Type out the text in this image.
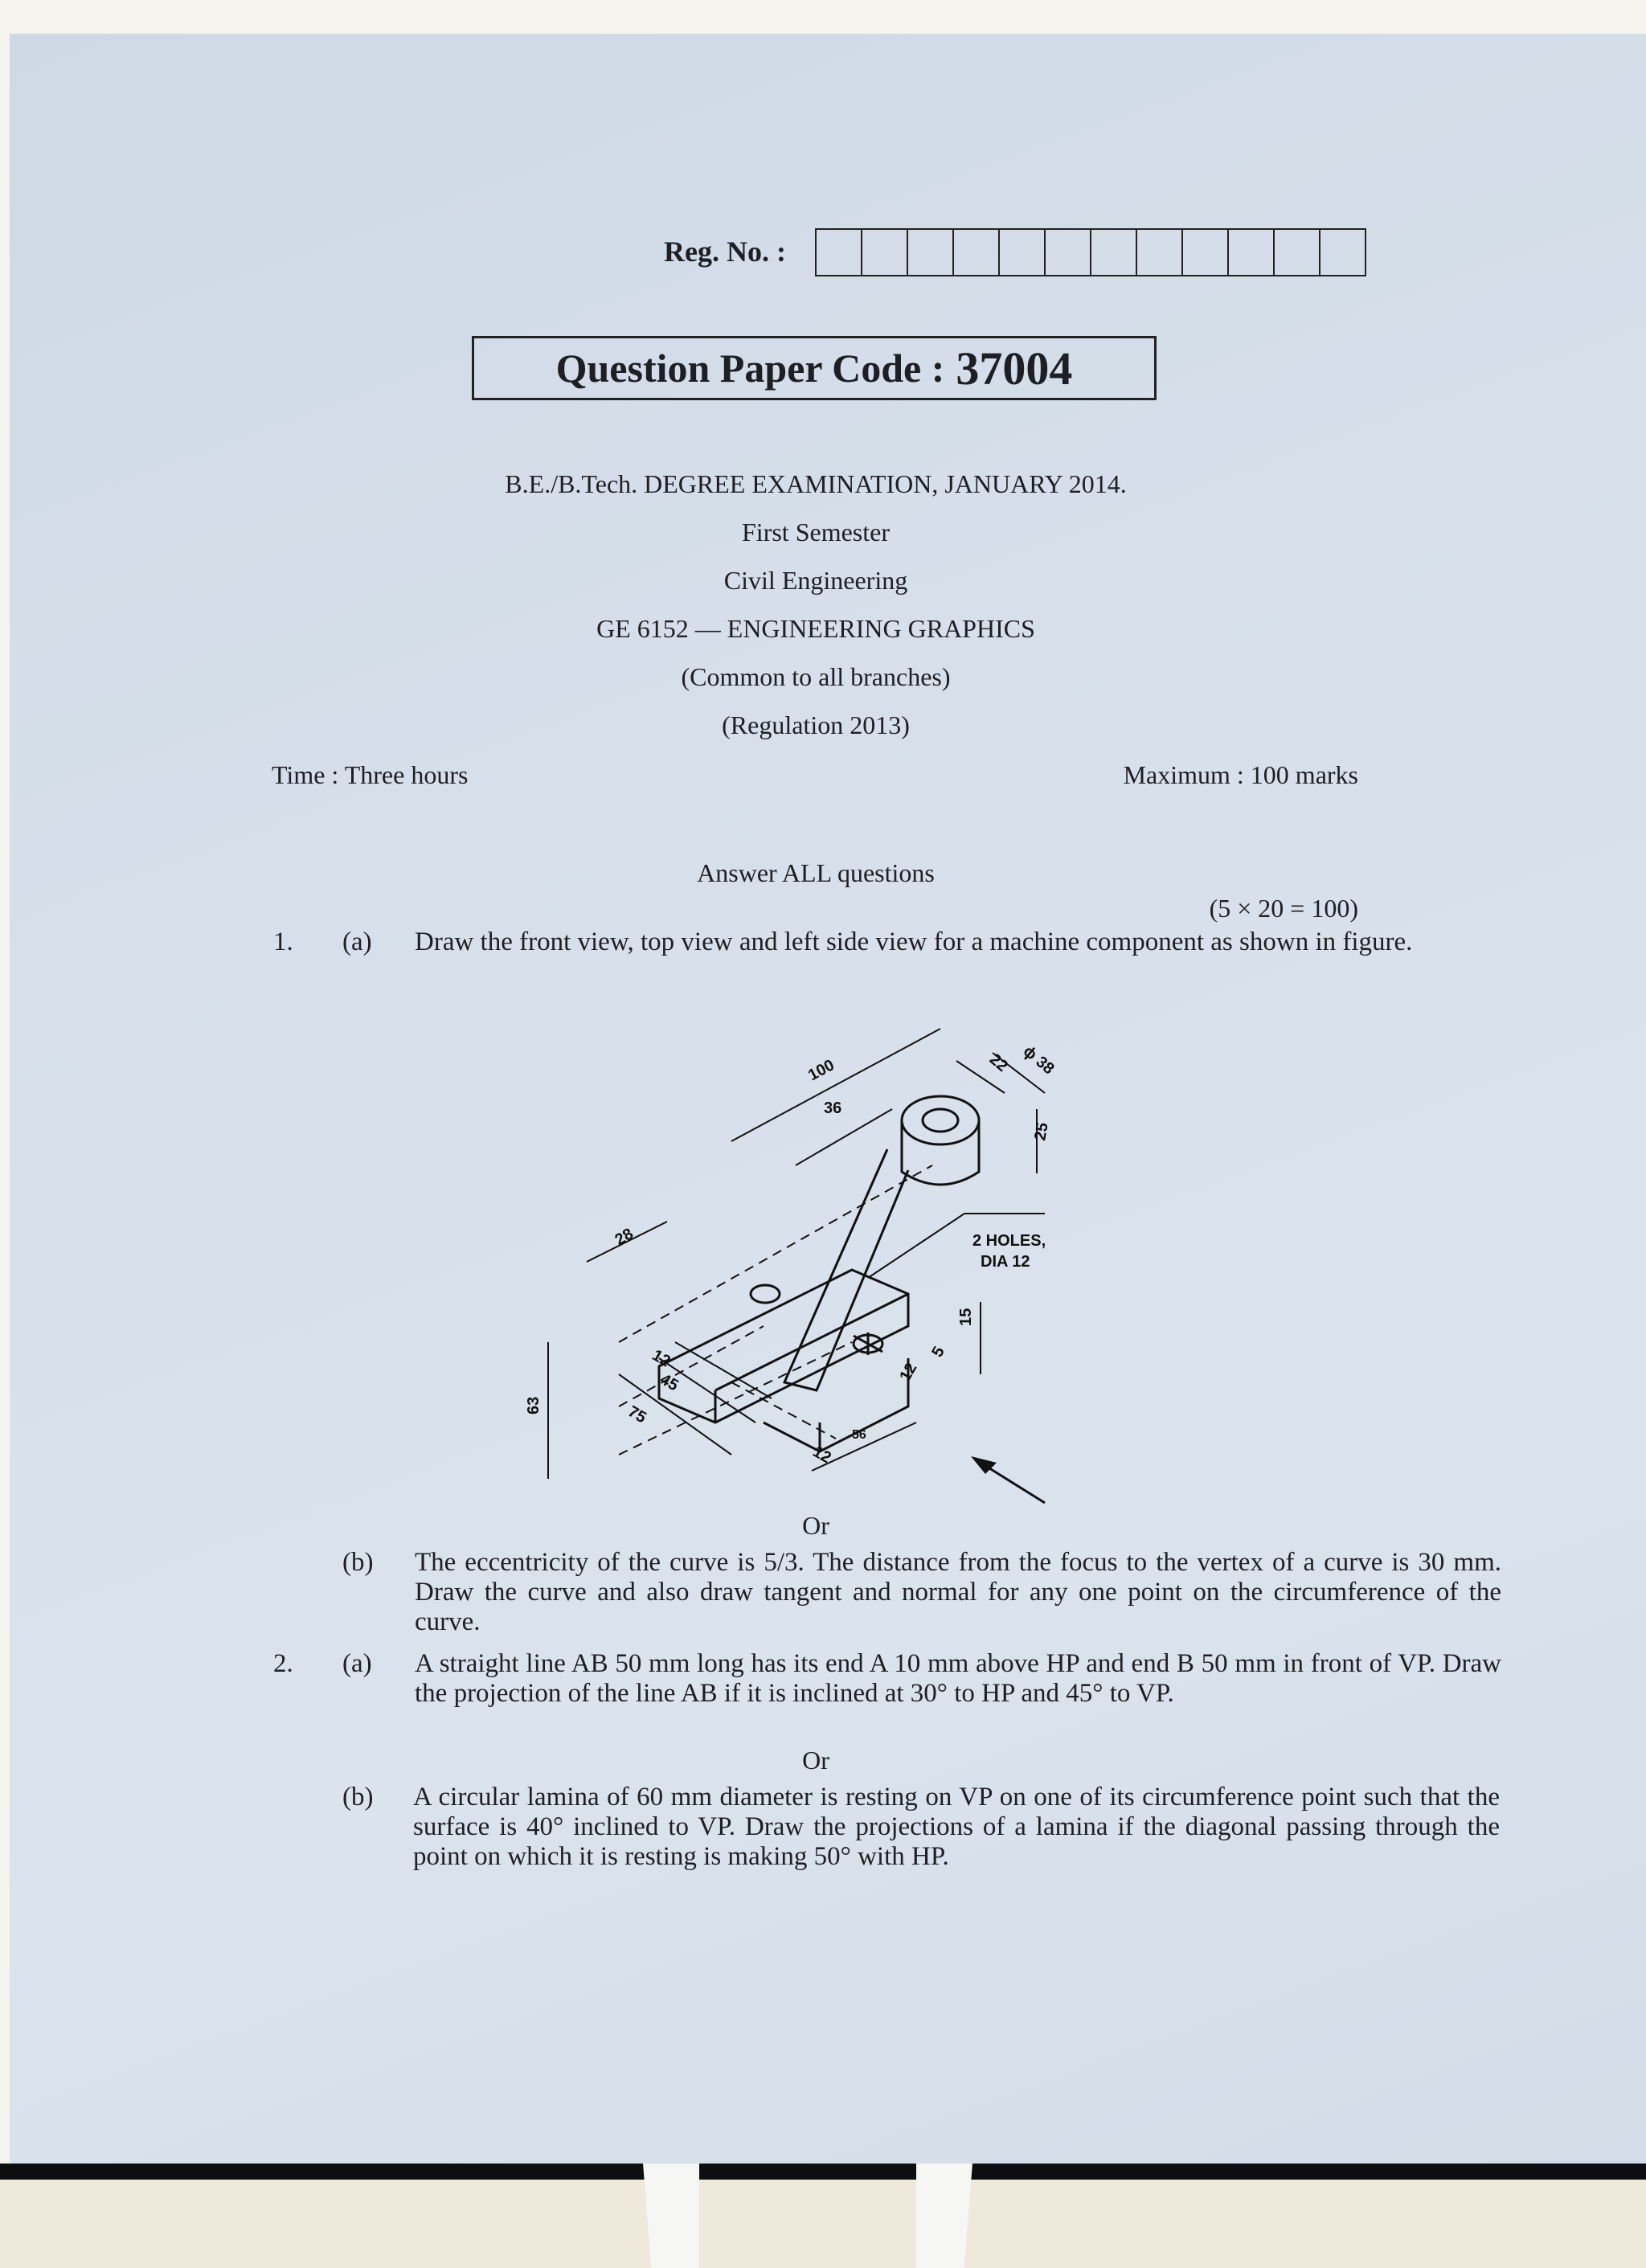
Reg. No. :
Question Paper Code : 37004
B.E./B.Tech. DEGREE EXAMINATION, JANUARY 2014.
First Semester
Civil Engineering
GE 6152 — ENGINEERING GRAPHICS
(Common to all branches)
(Regulation 2013)
Time : Three hours	Maximum : 100 marks
Answer ALL questions
(5 × 20 = 100)
1. (a) Draw the front view, top view and left side view for a machine component as shown in figure.
100
36
22 ϕ 38
25
28
15
12
45
75
63
12
12
5
56
2 HOLES,
DIA 12
Or
(b) The eccentricity of the curve is 5/3. The distance from the focus to the vertex of a curve is 30 mm. Draw the curve and also draw tangent and normal for any one point on the circumference of the curve.
2. (a) A straight line AB 50 mm long has its end A 10 mm above HP and end B 50 mm in front of VP. Draw the projection of the line AB if it is inclined at 30° to HP and 45° to VP.
Or
(b) A circular lamina of 60 mm diameter is resting on VP on one of its circumference point such that the surface is 40° inclined to VP. Draw the projections of a lamina if the diagonal passing through the point on which it is resting is making 50° with HP.
